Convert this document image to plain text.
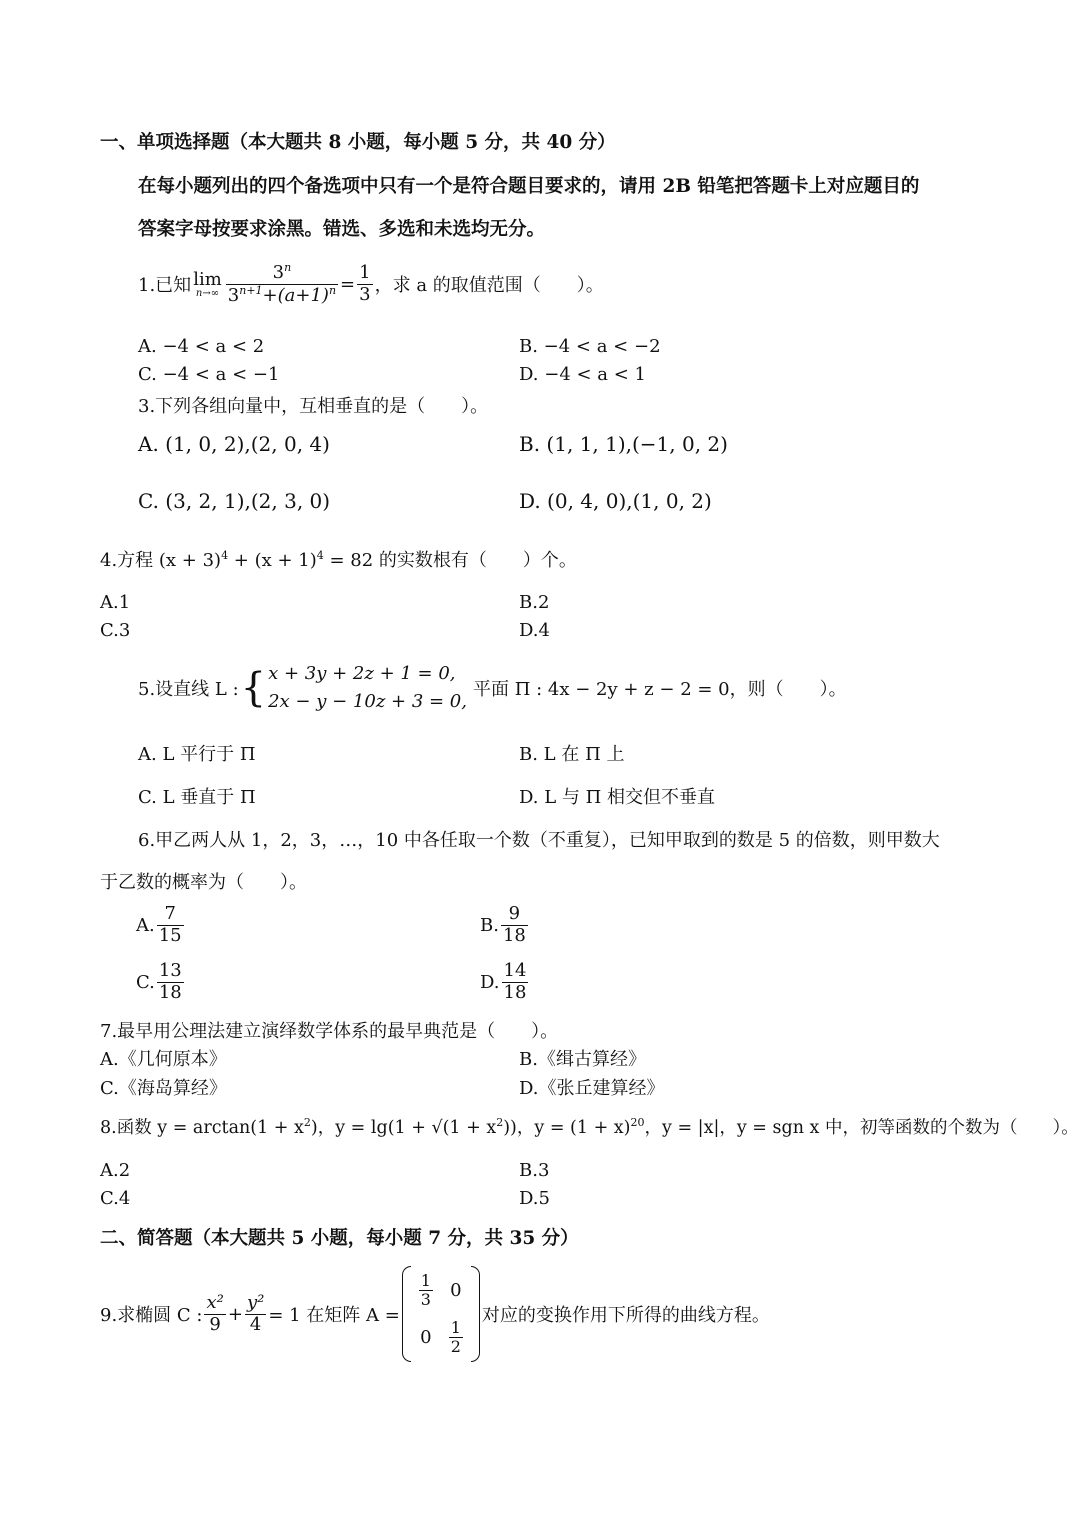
一、单项选择题（本大题共 8 小题，每小题 5 分，共 40 分）
在每小题列出的四个备选项中只有一个是符合题目要求的，请用 2B 铅笔把答题卡上对应题目的
答案字母按要求涂黑。错选、多选和未选均无分。
1.已知 lim
$n\to\infty \frac{3^n}{3^{n+1}+(a+1)^n} = \frac{1}{3}$ ，求 a 的取值范围（　　）。
A. −4 < a < 2	B. −4 < a < −2
C. −4 < a < −1	D. −4 < a < 1
3.下列各组向量中，互相垂直的是（　　）。
A. (1, 0, 2),(2, 0, 4)	B. (1, 1, 1),(−1, 0, 2)
C. (3, 2, 1),(2, 3, 0)	D. (0, 4, 0),(1, 0, 2)
4.方程 $(x + 3)^4 + (x + 1)^4 = 82$ 的实数根有（　　）个。
A.1	B.2
C.3	D.4
5.设直线 L : { x + 3y + 2z + 1 = 0,
2x − y − 10z + 3 = 0,
平面 Π : 4x − 2y + z − 2 = 0，则（　　）。
A. L 平行于 Π	B. L 在 Π 上
C. L 垂直于 Π	D. L 与 Π 相交但不垂直
6.甲乙两人从 1，2，3，…，10 中各任取一个数（不重复），已知甲取到的数是 5 的倍数，则甲数大
于乙数的概率为（　　）。
A. $\frac{7}{15}$	B. $\frac{9}{18}$
C. $\frac{13}{18}$	D. $\frac{14}{18}$
7.最早用公理法建立演绎数学体系的最早典范是（　　）。
A.《几何原本》	B.《缉古算经》
C.《海岛算经》	D.《张丘建算经》
8.函数 $y = \arctan(1 + x^2)$，$y = \lg(1 + √(1 + x^2))$，$y = (1 + x)^{20}$，y = |x|，y = sgn x 中，初等函数的个数为（　　）。
A.2	B.3
C.4	D.5
二、简答题（本大题共 5 小题，每小题 7 分，共 35 分）
9.求椭圆 C : $\frac{\text{x²}}{9} + \frac{\text{y²}}{4} = 1$ 在矩阵 A =
$\frac{1}{3} 0$
$0 \frac{1}{2}$
对应的变换作用下所得的曲线方程。
